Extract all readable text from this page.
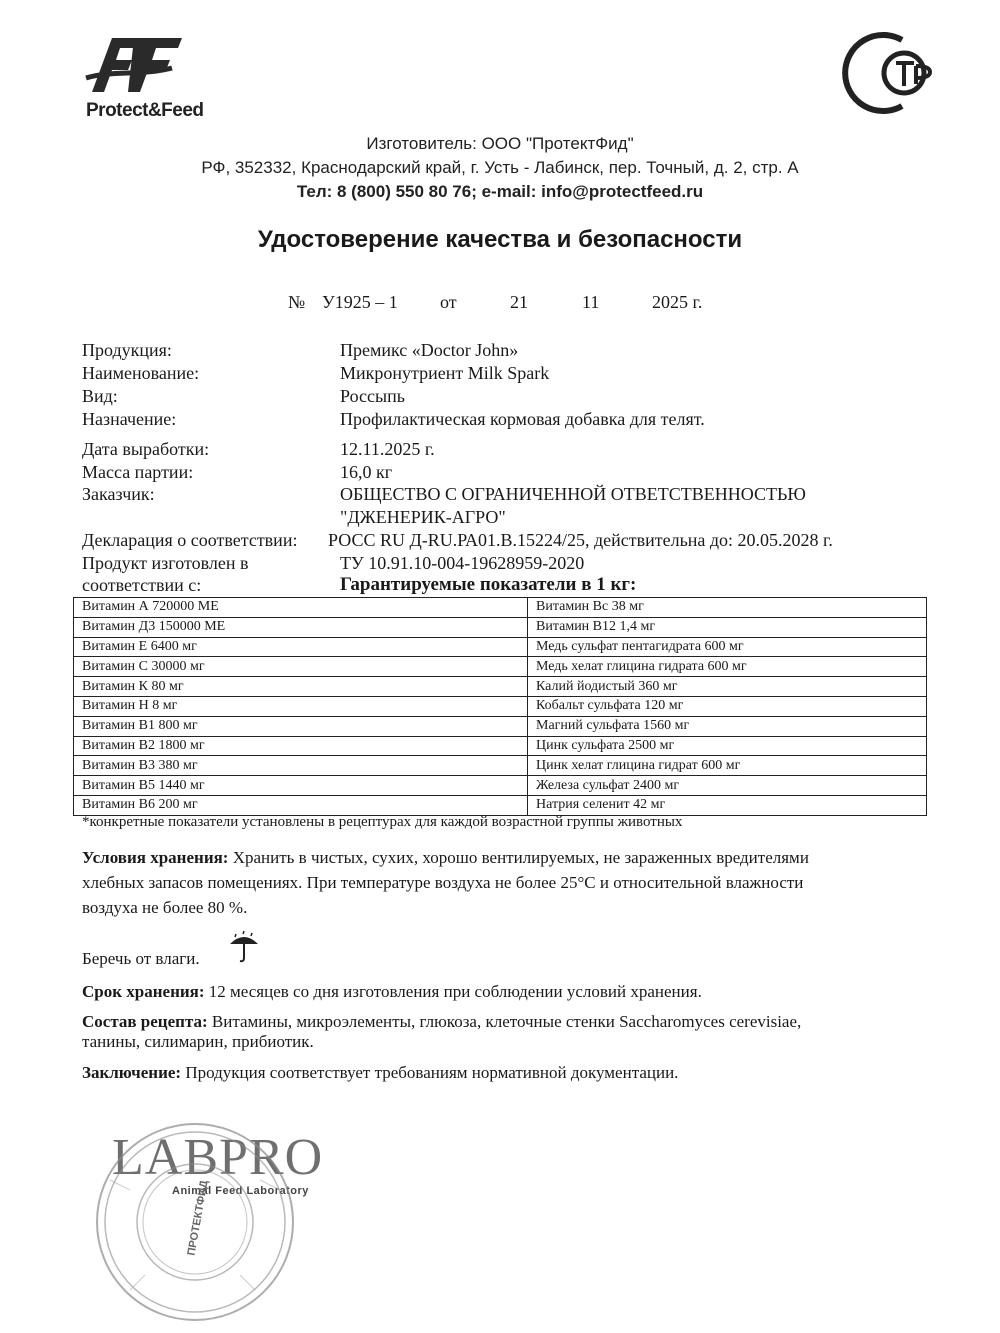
Protect&Feed
Изготовитель: ООО "ПротектФид"
РФ, 352332, Краснодарский край, г. Усть - Лабинск, пер. Точный, д. 2, стр. А
Тел: 8 (800) 550 80 76; e-mail: info@protectfeed.ru
Удостоверение качества и безопасности
№ У1925 – 1 от	21	11	2025 г.
Продукция:	Премикс «Doctor John»
Наименование:	Микронутриент Milk Spark
Вид:	Россыпь
Назначение:	Профилактическая кормовая добавка для телят.
Дата выработки:	12.11.2025 г.
Масса партии:	16,0 кг
Заказчик:	ОБЩЕСТВО С ОГРАНИЧЕННОЙ ОТВЕТСТВЕННОСТЬЮ
"ДЖЕНЕРИК-АГРО"
Декларация о соответствии: РОСС RU Д-RU.РА01.В.15224/25, действительна до: 20.05.2028 г.
Продукт изготовлен в	ТУ 10.91.10-004-19628959-2020
соответствии с:	Гарантируемые показатели в 1 кг:
Витамин А 720000 МЕ	Витамин Вс 38 мг
Витамин Д3 150000 МЕ	Витамин В12 1,4 мг
Витамин Е 6400 мг	Медь сульфат пентагидрата 600 мг
Витамин С 30000 мг	Медь хелат глицина гидрата 600 мг
Витамин К 80 мг	Калий йодистый 360 мг
Витамин Н 8 мг	Кобальт сульфата 120 мг
Витамин В1 800 мг	Магний сульфата 1560 мг
Витамин В2 1800 мг	Цинк сульфата 2500 мг
Витамин В3 380 мг	Цинк хелат глицина гидрат 600 мг
Витамин В5 1440 мг	Железа сульфат 2400 мг
Витамин В6 200 мг	Натрия селенит 42 мг
*конкретные показатели установлены в рецептурах для каждой возрастной группы животных
Условия хранения: Хранить в чистых, сухих, хорошо вентилируемых, не зараженных вредителями
хлебных запасов помещениях. При температуре воздуха не более 25°С и относительной влажности
воздуха не более 80 %.
Беречь от влаги.
Срок хранения: 12 месяцев со дня изготовления при соблюдении условий хранения.
Состав рецепта: Витамины, микроэлементы, глюкоза, клеточные стенки Saccharomyces cerevisiae,
танины, силимарин, прибиотик.
Заключение: Продукция соответствует требованиям нормативной документации.
LABPRO
Animal Feed Laboratory
ПРОТЕКТФИД
